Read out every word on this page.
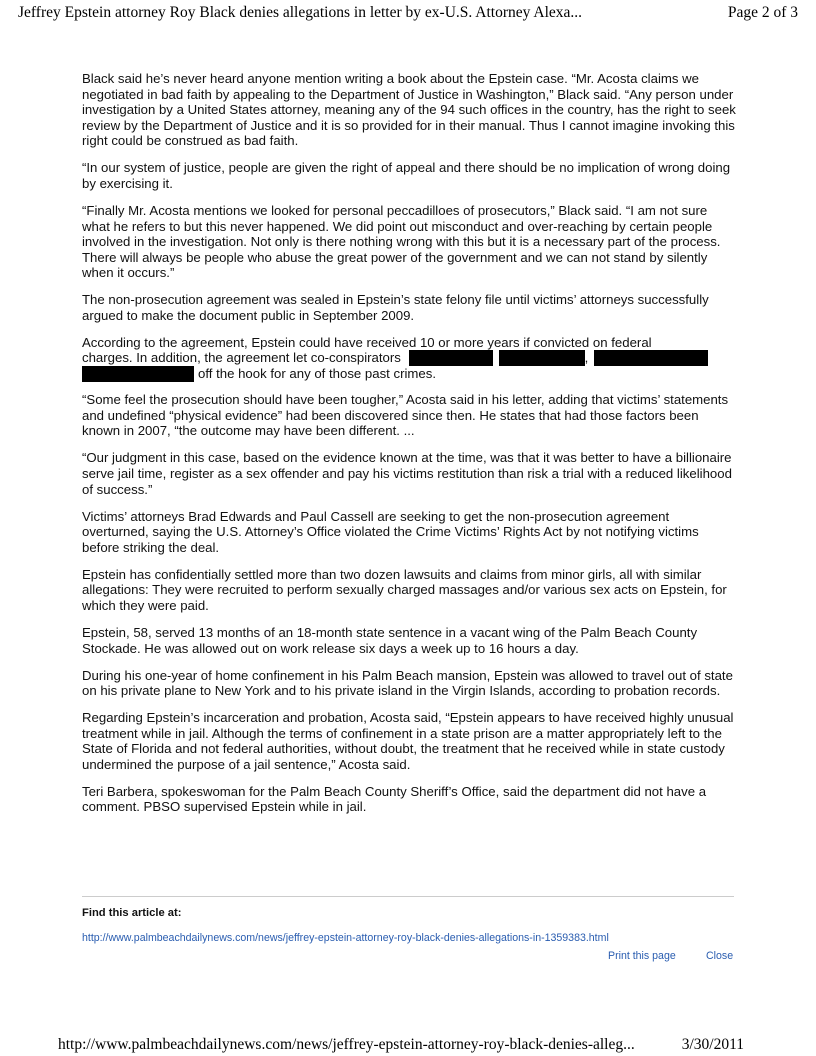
Jeffrey Epstein attorney Roy Black denies allegations in letter by ex-U.S. Attorney Alexa...	Page 2 of 3

Black said he’s never heard anyone mention writing a book about the Epstein case. “Mr. Acosta claims we negotiated in bad faith by appealing to the Department of Justice in Washington,” Black said. “Any person under investigation by a United States attorney, meaning any of the 94 such offices in the country, has the right to seek review by the Department of Justice and it is so provided for in their manual. Thus I cannot imagine invoking this right could be construed as bad faith.

“In our system of justice, people are given the right of appeal and there should be no implication of wrong doing by exercising it.

“Finally Mr. Acosta mentions we looked for personal peccadilloes of prosecutors,” Black said. “I am not sure what he refers to but this never happened. We did point out misconduct and over-reaching by certain people involved in the investigation. Not only is there nothing wrong with this but it is a necessary part of the process. There will always be people who abuse the great power of the government and we can not stand by silently when it occurs.”

The non-prosecution agreement was sealed in Epstein’s state felony file until victims’ attorneys successfully argued to make the document public in September 2009.

According to the agreement, Epstein could have received 10 or more years if convicted on federal
charges. In addition, the agreement let co-conspirators	,
off the hook for any of those past crimes.

“Some feel the prosecution should have been tougher,” Acosta said in his letter, adding that victims’ statements and undefined “physical evidence” had been discovered since then. He states that had those factors been known in 2007, “the outcome may have been different. ...

“Our judgment in this case, based on the evidence known at the time, was that it was better to have a billionaire serve jail time, register as a sex offender and pay his victims restitution than risk a trial with a reduced likelihood of success.”

Victims’ attorneys Brad Edwards and Paul Cassell are seeking to get the non-prosecution agreement overturned, saying the U.S. Attorney’s Office violated the Crime Victims’ Rights Act by not notifying victims before striking the deal.

Epstein has confidentially settled more than two dozen lawsuits and claims from minor girls, all with similar allegations: They were recruited to perform sexually charged massages and/or various sex acts on Epstein, for which they were paid.

Epstein, 58, served 13 months of an 18-month state sentence in a vacant wing of the Palm Beach County Stockade. He was allowed out on work release six days a week up to 16 hours a day.

During his one-year of home confinement in his Palm Beach mansion, Epstein was allowed to travel out of state on his private plane to New York and to his private island in the Virgin Islands, according to probation records.

Regarding Epstein’s incarceration and probation, Acosta said, “Epstein appears to have received highly unusual treatment while in jail. Although the terms of confinement in a state prison are a matter appropriately left to the State of Florida and not federal authorities, without doubt, the treatment that he received while in state custody undermined the purpose of a jail sentence,” Acosta said.

Teri Barbera, spokeswoman for the Palm Beach County Sheriff’s Office, said the department did not have a comment. PBSO supervised Epstein while in jail.

Find this article at:
http://www.palmbeachdailynews.com/news/jeffrey-epstein-attorney-roy-black-denies-allegations-in-1359383.html
Print this page	Close
http://www.palmbeachdailynews.com/news/jeffrey-epstein-attorney-roy-black-denies-alleg...	3/30/2011
